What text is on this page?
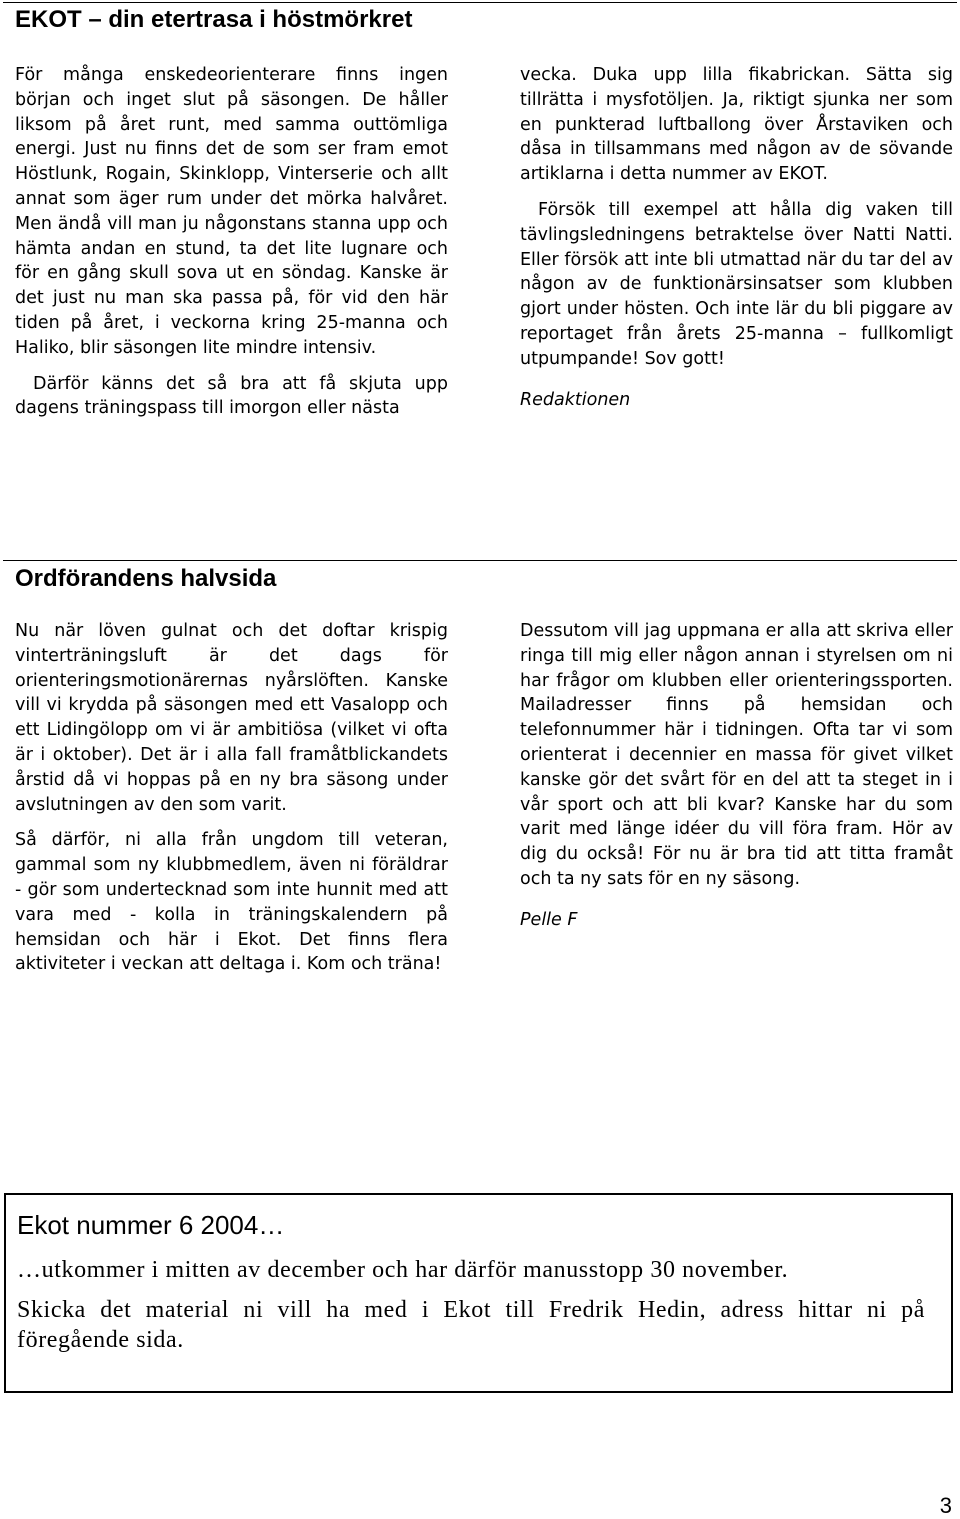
EKOT – din etertrasa i höstmörkret

För många enskedeorienterare finns ingen början och inget slut på säsongen. De håller liksom på året runt, med samma outtömliga energi. Just nu finns det de som ser fram emot Höstlunk, Rogain, Skinklopp, Vinterserie och allt annat som äger rum under det mörka halvåret. Men ändå vill man ju någonstans stanna upp och hämta andan en stund, ta det lite lugnare och för en gång skull sova ut en söndag. Kanske är det just nu man ska passa på, för vid den här tiden på året, i veckorna kring 25-manna och Haliko, blir säsongen lite mindre intensiv.

Därför känns det så bra att få skjuta upp dagens träningspass till imorgon eller nästa

vecka. Duka upp lilla fikabrickan. Sätta sig tillrätta i mysfotöljen. Ja, riktigt sjunka ner som en punkterad luftballong över Årstaviken och dåsa in tillsammans med någon av de sövande artiklarna i detta nummer av EKOT.

Försök till exempel att hålla dig vaken till tävlingsledningens betraktelse över Natti Natti. Eller försök att inte bli utmattad när du tar del av någon av de funktionärsinsatser som klubben gjort under hösten. Och inte lär du bli piggare av reportaget från årets 25-manna – fullkomligt utpumpande! Sov gott!

Redaktionen

Ordförandens halvsida

Nu när löven gulnat och det doftar krispig vinterträningsluft är det dags för orienteringsmotionärernas nyårslöften. Kanske vill vi krydda på säsongen med ett Vasalopp och ett Lidingölopp om vi är ambitiösa (vilket vi ofta är i oktober). Det är i alla fall framåtblickandets årstid då vi hoppas på en ny bra säsong under avslutningen av den som varit.

Så därför, ni alla från ungdom till veteran, gammal som ny klubbmedlem, även ni föräldrar - gör som undertecknad som inte hunnit med att vara med - kolla in träningskalendern på hemsidan och här i Ekot. Det finns flera aktiviteter i veckan att deltaga i. Kom och träna!

Dessutom vill jag uppmana er alla att skriva eller ringa till mig eller någon annan i styrelsen om ni har frågor om klubben eller orienteringssporten. Mailadresser finns på hemsidan och telefonnummer här i tidningen. Ofta tar vi som orienterat i decennier en massa för givet vilket kanske gör det svårt för en del att ta steget in i vår sport och att bli kvar? Kanske har du som varit med länge idéer du vill föra fram. Hör av dig du också! För nu är bra tid att titta framåt och ta ny sats för en ny säsong.

Pelle F

Ekot nummer 6 2004…

…utkommer i mitten av december och har därför manusstopp 30 november.

Skicka det material ni vill ha med i Ekot till Fredrik Hedin, adress hittar ni på föregående sida.

3
